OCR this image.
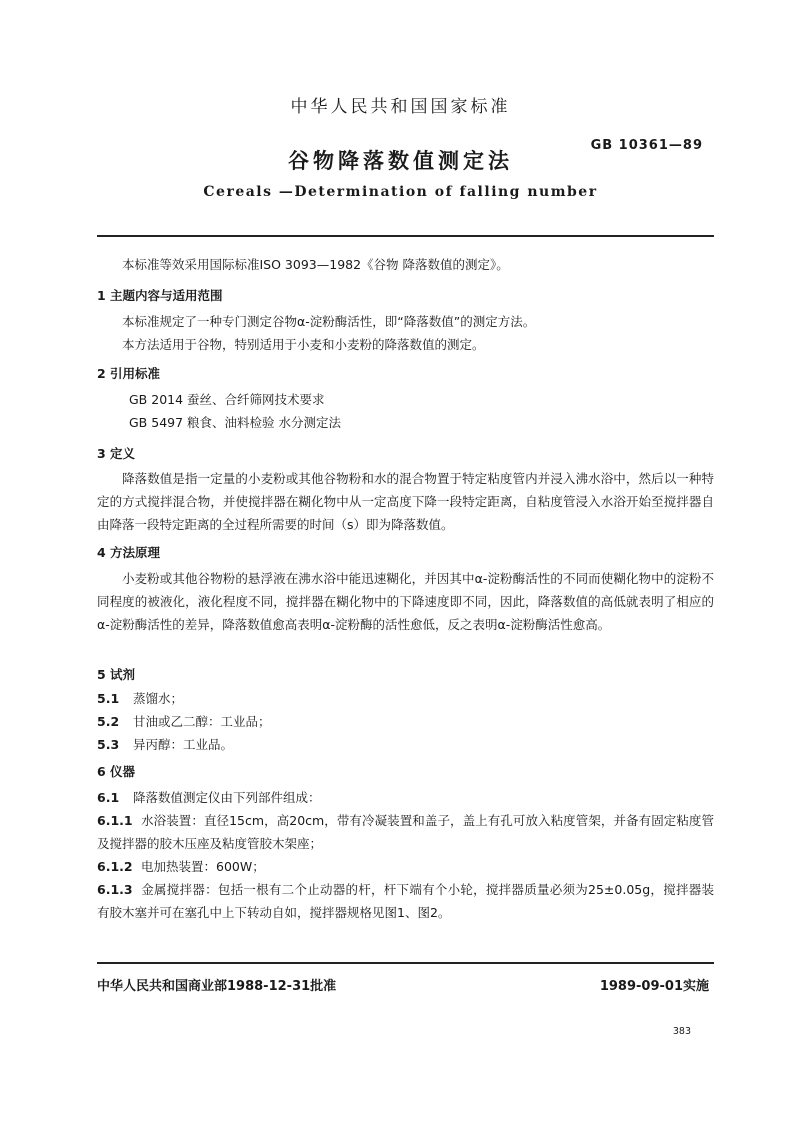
中华人民共和国国家标准
GB 10361—89
谷物降落数值测定法
Cereals —Determination of falling number

本标准等效采用国际标准ISO 3093—1982《谷物 降落数值的测定》。

1 主题内容与适用范围

本标准规定了一种专门测定谷物α-淀粉酶活性，即“降落数值”的测定方法。

本方法适用于谷物，特别适用于小麦和小麦粉的降落数值的测定。

2 引用标准

GB 2014 蚕丝、合纤筛网技术要求

GB 5497 粮食、油料检验 水分测定法

3 定义

降落数值是指一定量的小麦粉或其他谷物粉和水的混合物置于特定粘度管内并浸入沸水浴中，然后以一种特定的方式搅拌混合物，并使搅拌器在糊化物中从一定高度下降一段特定距离，自粘度管浸入水浴开始至搅拌器自由降落一段特定距离的全过程所需要的时间（s）即为降落数值。

4 方法原理

小麦粉或其他谷物粉的悬浮液在沸水浴中能迅速糊化，并因其中α-淀粉酶活性的不同而使糊化物中的淀粉不同程度的被液化，液化程度不同，搅拌器在糊化物中的下降速度即不同，因此，降落数值的高低就表明了相应的α-淀粉酶活性的差异，降落数值愈高表明α-淀粉酶的活性愈低，反之表明α-淀粉酶活性愈高。

5 试剂

5.1 蒸馏水；

5.2 甘油或乙二醇：工业品；

5.3 异丙醇：工业品。

6 仪器

6.1 降落数值测定仪由下列部件组成：

6.1.1 水浴装置：直径15cm，高20cm，带有冷凝装置和盖子，盖上有孔可放入粘度管架，并备有固定粘度管及搅拌器的胶木压座及粘度管胶木架座；

6.1.2 电加热装置：600W；

6.1.3 金属搅拌器：包括一根有二个止动器的杆，杆下端有个小轮，搅拌器质量必须为25±0.05g，搅拌器装有胶木塞并可在塞孔中上下转动自如，搅拌器规格见图1、图2。

中华人民共和国商业部1988-12-31批准	1989-09-01实施
383
